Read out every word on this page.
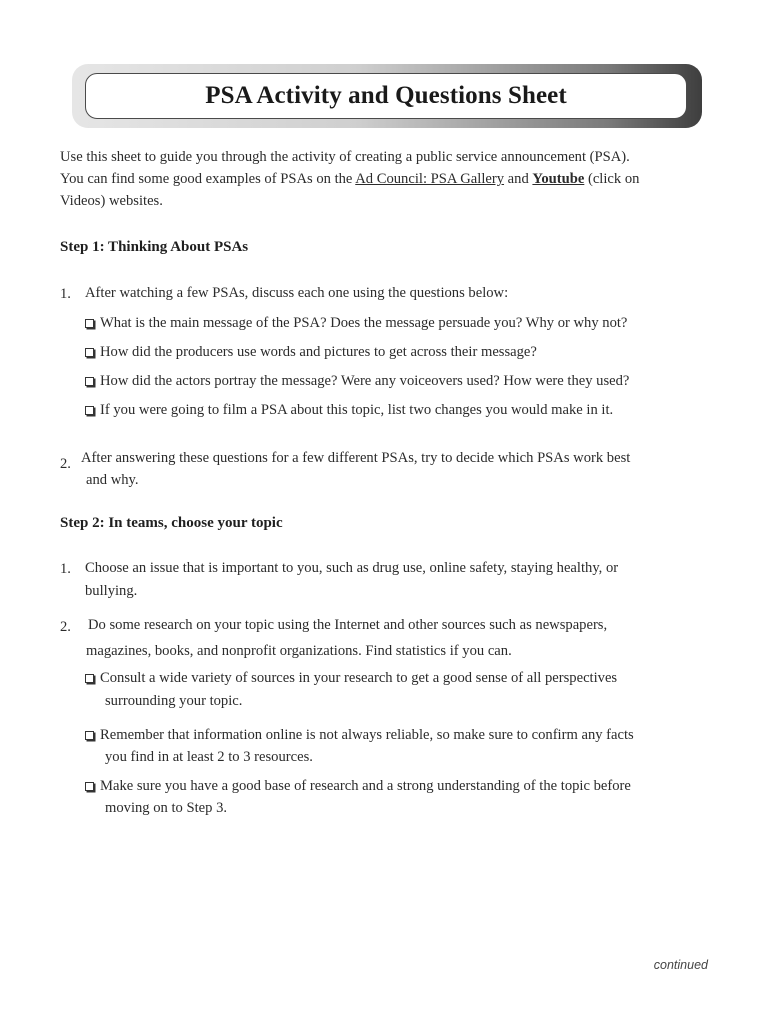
PSA Activity and Questions Sheet
Use this sheet to guide you through the activity of creating a public service announcement (PSA).
You can find some good examples of PSAs on the Ad Council: PSA Gallery and Youtube (click on
Videos) websites.
Step 1: Thinking About PSAs
1. After watching a few PSAs, discuss each one using the questions below:
What is the main message of the PSA? Does the message persuade you? Why or why not?
How did the producers use words and pictures to get across their message?
How did the actors portray the message? Were any voiceovers used? How were they used?
If you were going to film a PSA about this topic, list two changes you would make in it.
2. After answering these questions for a few different PSAs, try to decide which PSAs work best
and why.
Step 2: In teams, choose your topic
1. Choose an issue that is important to you, such as drug use, online safety, staying healthy, or
bullying.
2. Do some research on your topic using the Internet and other sources such as newspapers,
magazines, books, and nonprofit organizations. Find statistics if you can.
Consult a wide variety of sources in your research to get a good sense of all perspectives
surrounding your topic.
Remember that information online is not always reliable, so make sure to confirm any facts
you find in at least 2 to 3 resources.
Make sure you have a good base of research and a strong understanding of the topic before
moving on to Step 3.
continued
